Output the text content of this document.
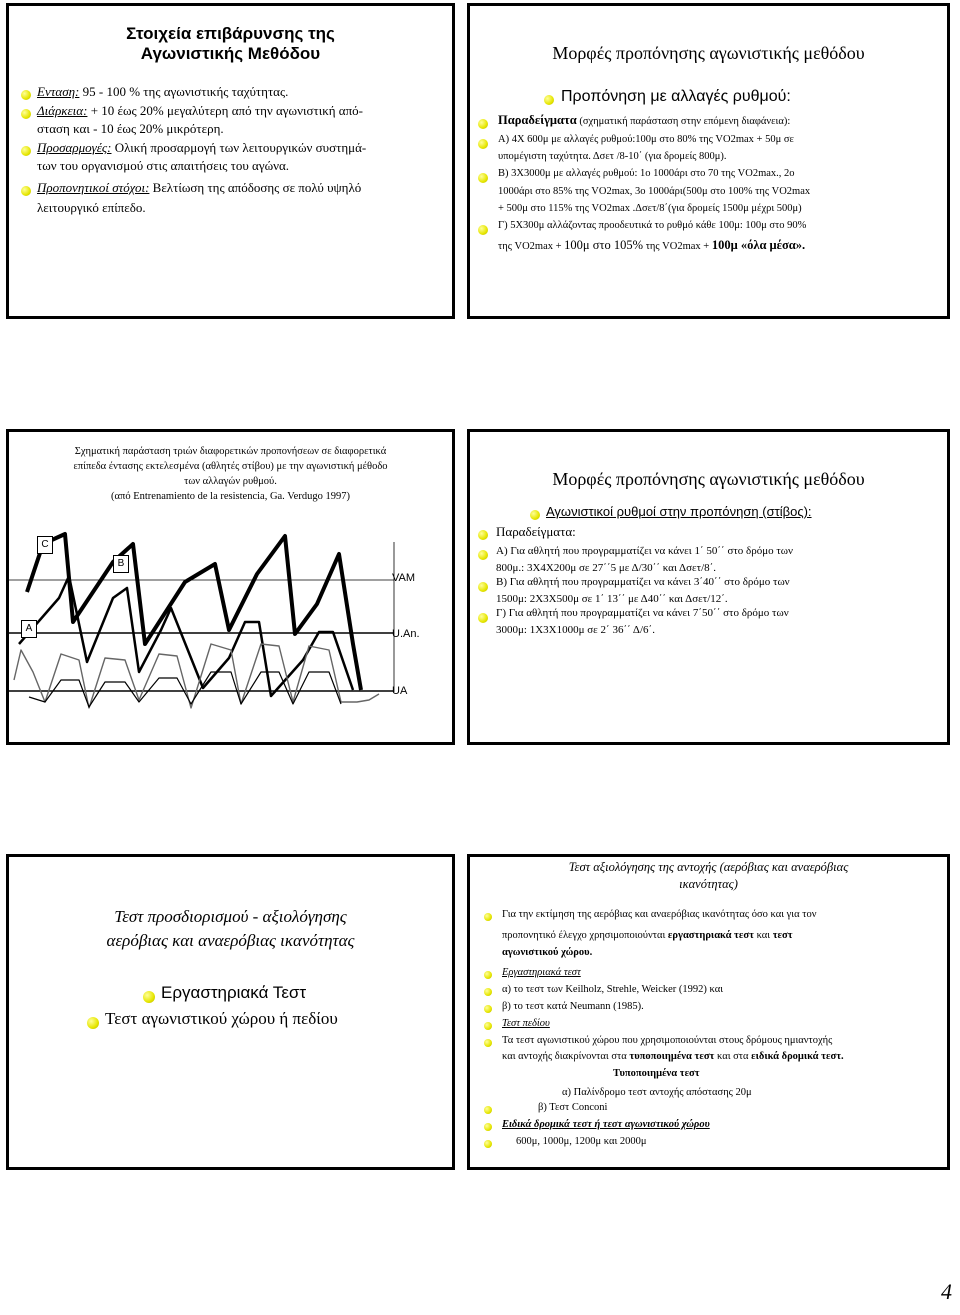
Στοιχεία επιβάρυνσης της
Αγωνιστικής Μεθόδου
Ενταση: 95 - 100 % της αγωνιστικής ταχύτητας.
Διάρκεια: + 10 έως 20% μεγαλύτερη από την αγωνιστική από-
σταση και - 10 έως 20% μικρότερη.
Προσαρμογές: Ολική προσαρμογή των λειτουργικών συστημά-
των του οργανισμού στις απαιτήσεις του αγώνα.
Προπονητικοί στόχοι: Βελτίωση της απόδοσης σε πολύ υψηλό
λειτουργικό επίπεδο.
Μορφές προπόνησης αγωνιστικής μεθόδου
Προπόνηση με αλλαγές ρυθμού:
Παραδείγματα (σχηματική παράσταση στην επόμενη διαφάνεια):
Α) 4Χ 600μ με αλλαγές ρυθμού:100μ στο 80% της VO2max + 50μ σε
υπομέγιστη ταχύτητα. Δσετ /8-10΄ (για δρομείς 800μ).
Β) 3Χ3000μ με αλλαγές ρυθμού: 1ο 1000άρι στο 70 της VO2max., 2ο
1000άρι στο 85% της VO2max, 3ο 1000άρι(500μ στο 100% της VO2max
+ 500μ στο 115% της VO2max .Δσετ/8΄(για δρομείς 1500μ μέχρι 500μ)
Γ) 5Χ300μ αλλάζοντας προοδευτικά το ρυθμό κάθε 100μ: 100μ στο 90%
της VO2max + 100μ στο 105% της VO2max + 100μ «όλα μέσα».
Σχηματική παράσταση τριών διαφορετικών προπονήσεων σε διαφορετικά
επίπεδα έντασης εκτελεσμένα (αθλητές στίβου) με την αγωνιστική μέθοδο
των αλλαγών ρυθμού.
(από Entrenamiento de la resistencia, Ga. Verdugo 1997)
A
B
C
VAM
U.An.
UA
Μορφές προπόνησης αγωνιστικής μεθόδου
Αγωνιστικοί ρυθμοί στην προπόνηση (στίβος):
Παραδείγματα:
Α) Για αθλητή που προγραμματίζει να κάνει 1΄ 50΄΄ στο δρόμο των
800μ.: 3Χ4Χ200μ σε 27΄΄5 με Δ/30΄΄ και Δσετ/8΄.
Β) Για αθλητή που προγραμματίζει να κάνει 3΄40΄΄ στο δρόμο των
1500μ: 2Χ3Χ500μ σε 1΄ 13΄΄ με Δ40΄΄ και Δσετ/12΄.
Γ) Για αθλητή που προγραμματίζει να κάνει 7΄50΄΄ στο δρόμο των
3000μ: 1Χ3Χ1000μ σε 2΄ 36΄΄ Δ/6΄.
Τεστ προσδιορισμού - αξιολόγησης
αερόβιας και αναερόβιας ικανότητας
Εργαστηριακά Τεστ
Τεστ αγωνιστικού χώρου ή πεδίου
Τεστ αξιολόγησης της αντοχής (αερόβιας και αναερόβιας
ικανότητας)
Για την εκτίμηση της αερόβιας και αναερόβιας ικανότητας όσο και για τον
προπονητικό έλεγχο χρησιμοποιούνται εργαστηριακά τεστ και τεστ
αγωνιστικού χώρου.
Εργαστηριακά τεστ
α) το τεστ των Keilholz, Strehle, Weicker (1992) και
β) το τεστ κατά Neumann (1985).
Τεστ πεδίου
Τα τεστ αγωνιστικού χώρου που χρησιμοποιούνται στους δρόμους ημιαντοχής
και αντοχής διακρίνονται στα τυποποιημένα τεστ και στα ειδικά δρομικά τεστ.
Τυποποιημένα τεστ
α) Παλίνδρομο τεστ αντοχής απόστασης 20μ
β) Τεστ Conconi
Ειδικά δρομικά τεστ ή τεστ αγωνιστικού χώρου
600μ, 1000μ, 1200μ και 2000μ
4
